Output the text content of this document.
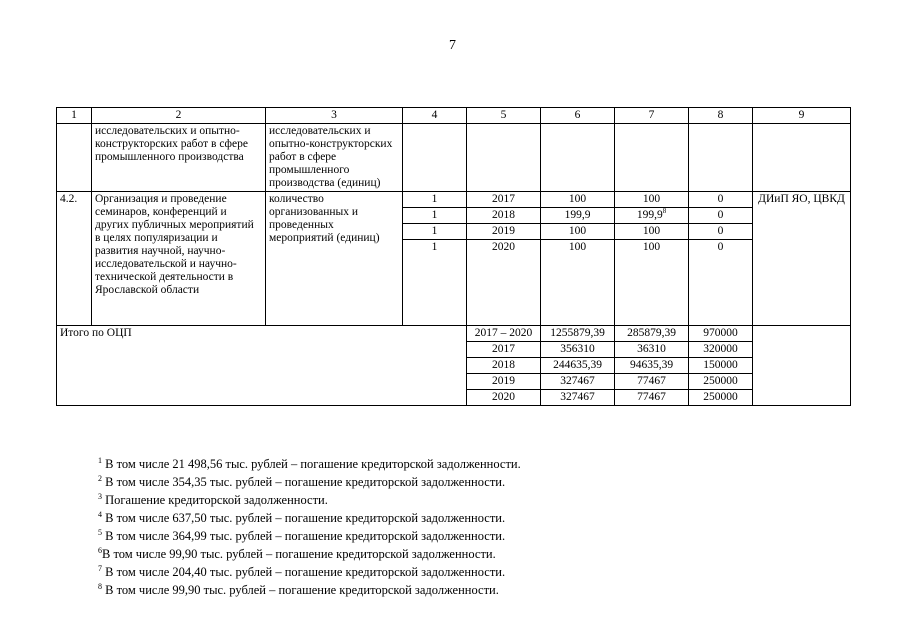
7
1	2	3	4	5	6	7	8	9
	исследовательских и опытно-конструкторских работ в сфере промышленного производства	исследовательских и опытно-конструкторских работ в сфере промышленного производства (единиц)						
4.2.	Организация и проведение семинаров, конференций и других публичных мероприятий в целях популяризации и развития научной, научно-исследовательской и научно-технической деятельности в Ярославской области	количество организованных и проведенных мероприятий (единиц)	1	2017	100	100	0	ДИиП ЯО, ЦВКД
			1	2018	199,9	199,9$^8$	0	
			1	2019	100	100	0	
			1	2020	100	100	0	
Итого по ОЦП				2017 – 2020	1255879,39	285879,39	970000	
				2017	356310	36310	320000	
				2018	244635,39	94635,39	150000	
				2019	327467	77467	250000	
				2020	327467	77467	250000	
$^1$ В том числе 21 498,56 тыс. рублей – погашение кредиторской задолженности.
$^2$ В том числе 354,35 тыс. рублей – погашение кредиторской задолженности.
$^3$ Погашение кредиторской задолженности.
$^4$ В том числе 637,50 тыс. рублей – погашение кредиторской задолженности.
$^5$ В том числе 364,99 тыс. рублей – погашение кредиторской задолженности.
$^6$В том числе 99,90 тыс. рублей – погашение кредиторской задолженности.
$^7$ В том числе 204,40 тыс. рублей – погашение кредиторской задолженности.
$^8$ В том числе 99,90 тыс. рублей – погашение кредиторской задолженности.
